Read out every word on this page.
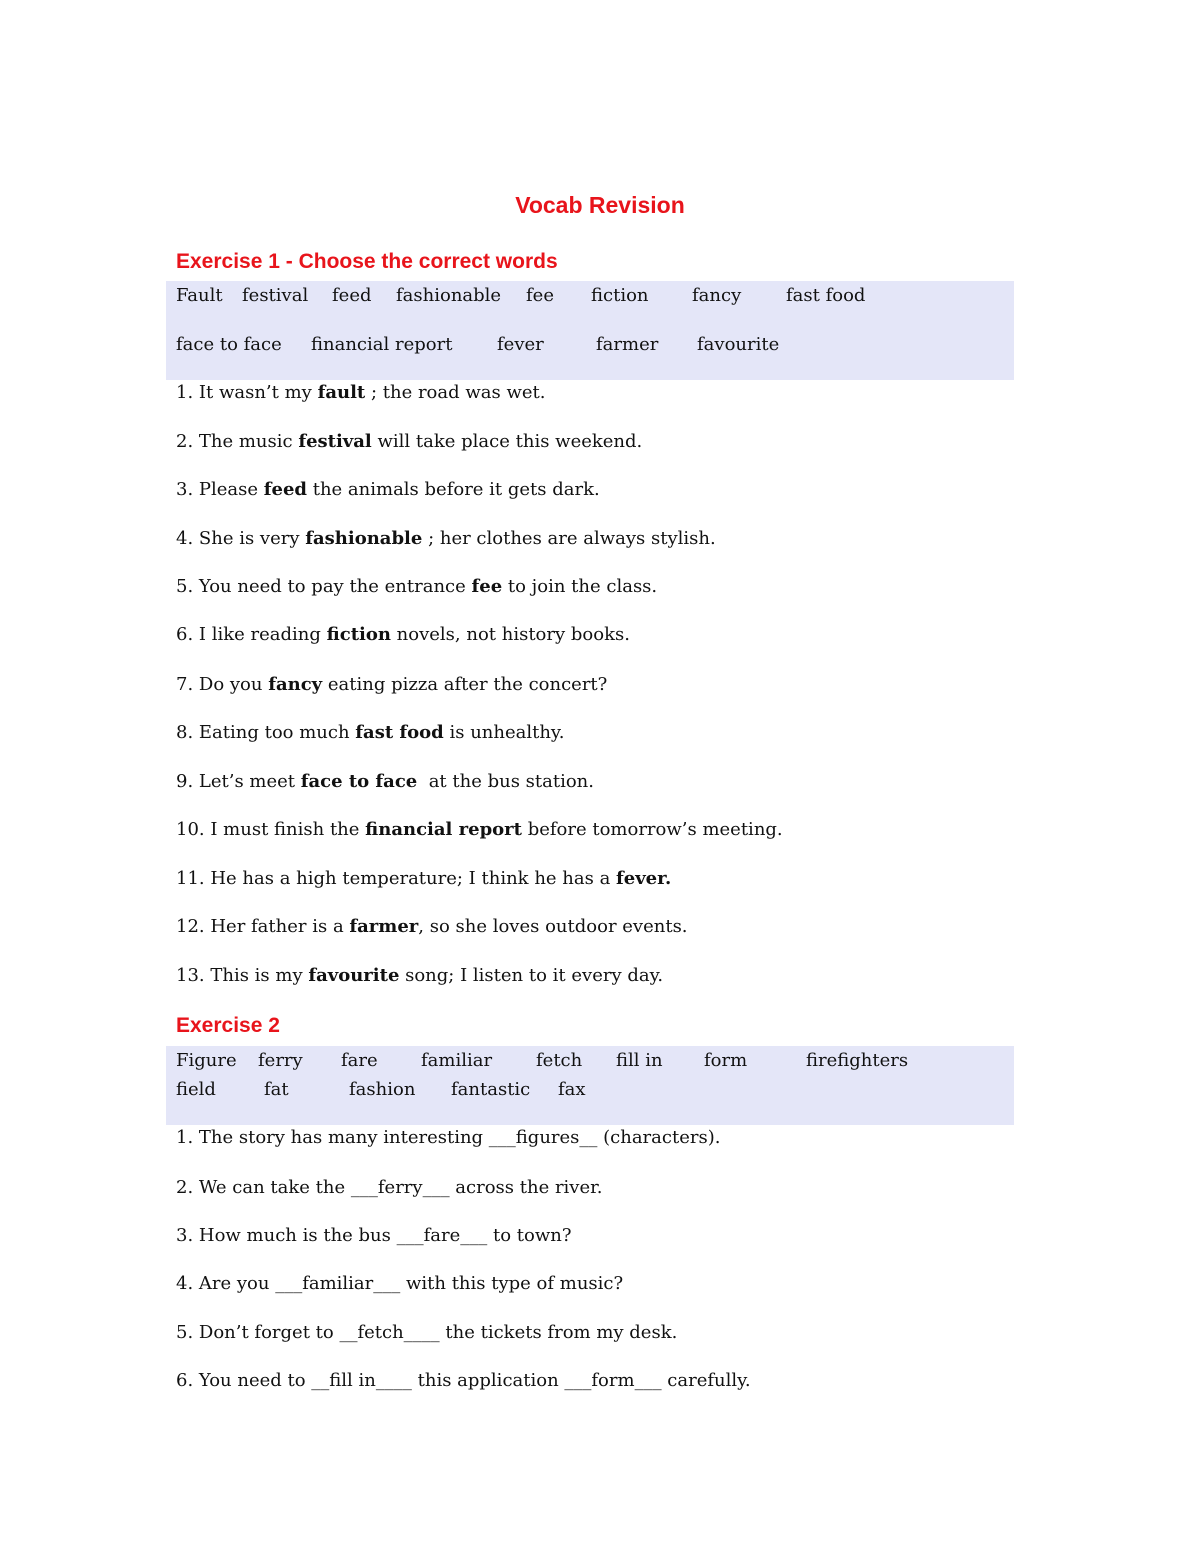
Vocab Revision
Exercise 1 - Choose the correct words
Fault festival feed fashionable fee fiction fancy fast food
face to face financial report fever	farmer favourite
1. It wasn’t my fault ; the road was wet.
2. The music festival will take place this weekend.
3. Please feed the animals before it gets dark.
4. She is very fashionable ; her clothes are always stylish.
5. You need to pay the entrance fee to join the class.
6. I like reading fiction novels, not history books.
7. Do you fancy eating pizza after the concert?
8. Eating too much fast food is unhealthy.
9. Let’s meet face to face  at the bus station.
10. I must finish the financial report before tomorrow’s meeting.
11. He has a high temperature; I think he has a fever.
12. Her father is a farmer, so she loves outdoor events.
13. This is my favourite song; I listen to it every day.
Exercise 2
Figure ferry fare familiar fetch fill in form	firefighters
field	fat	fashion fantastic fax
1. The story has many interesting ___figures__ (characters).
2. We can take the ___ferry___ across the river.
3. How much is the bus ___fare___ to town?
4. Are you ___familiar___ with this type of music?
5. Don’t forget to __fetch____ the tickets from my desk.
6. You need to __fill in____ this application ___form___ carefully.
